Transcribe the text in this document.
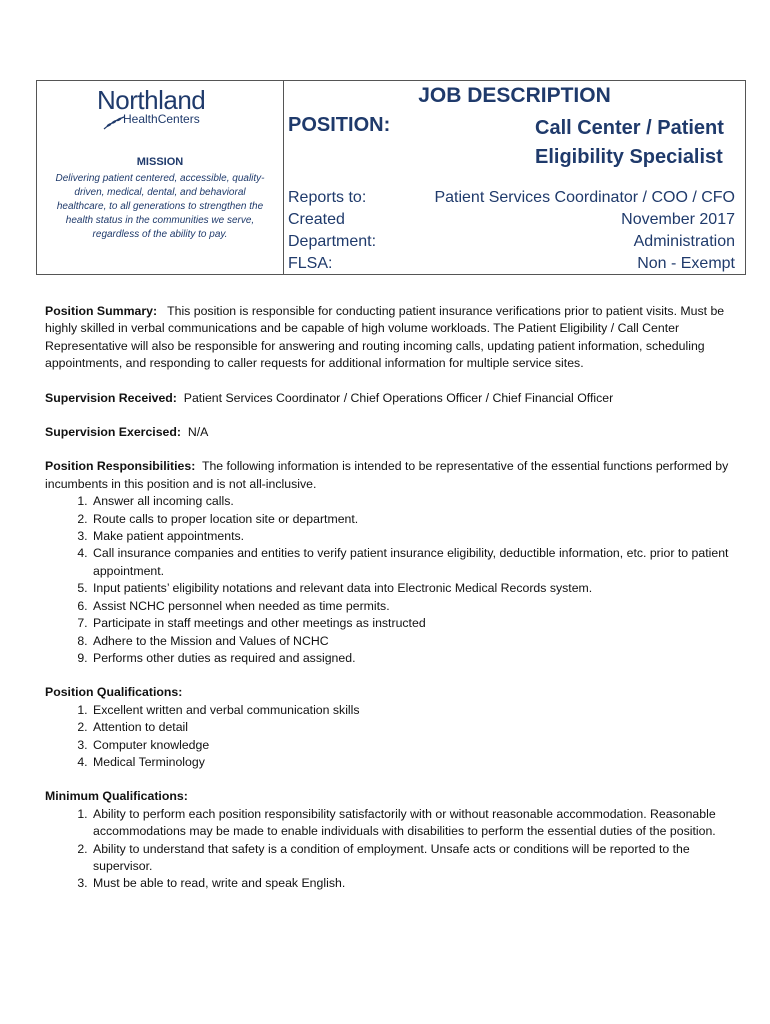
Northland
HealthCenters
MISSION
Delivering patient centered, accessible, quality-driven, medical, dental, and behavioral healthcare, to all generations to strengthen the health status in the communities we serve, regardless of the ability to pay.
JOB DESCRIPTION
POSITION:	Call Center / Patient Eligibility Specialist
Reports to:	Patient Services Coordinator / COO / CFO
Created	November 2017
Department:	Administration
FLSA:	Non - Exempt

Position Summary: This position is responsible for conducting patient insurance verifications prior to patient visits. Must be highly skilled in verbal communications and be capable of high volume workloads. The Patient Eligibility / Call Center Representative will also be responsible for answering and routing incoming calls, updating patient information, scheduling appointments, and responding to caller requests for additional information for multiple service sites.

Supervision Received: Patient Services Coordinator / Chief Operations Officer / Chief Financial Officer

Supervision Exercised: N/A

Position Responsibilities: The following information is intended to be representative of the essential functions performed by incumbents in this position and is not all-inclusive.
1. Answer all incoming calls.
2. Route calls to proper location site or department.
3. Make patient appointments.
4. Call insurance companies and entities to verify patient insurance eligibility, deductible information, etc. prior to patient appointment.
5. Input patients’ eligibility notations and relevant data into Electronic Medical Records system.
6. Assist NCHC personnel when needed as time permits.
7. Participate in staff meetings and other meetings as instructed
8. Adhere to the Mission and Values of NCHC
9. Performs other duties as required and assigned.
Position Qualifications:
1. Excellent written and verbal communication skills
2. Attention to detail
3. Computer knowledge
4. Medical Terminology
Minimum Qualifications:
1. Ability to perform each position responsibility satisfactorily with or without reasonable accommodation. Reasonable accommodations may be made to enable individuals with disabilities to perform the essential duties of the position.
2. Ability to understand that safety is a condition of employment. Unsafe acts or conditions will be reported to the supervisor.
3. Must be able to read, write and speak English.
